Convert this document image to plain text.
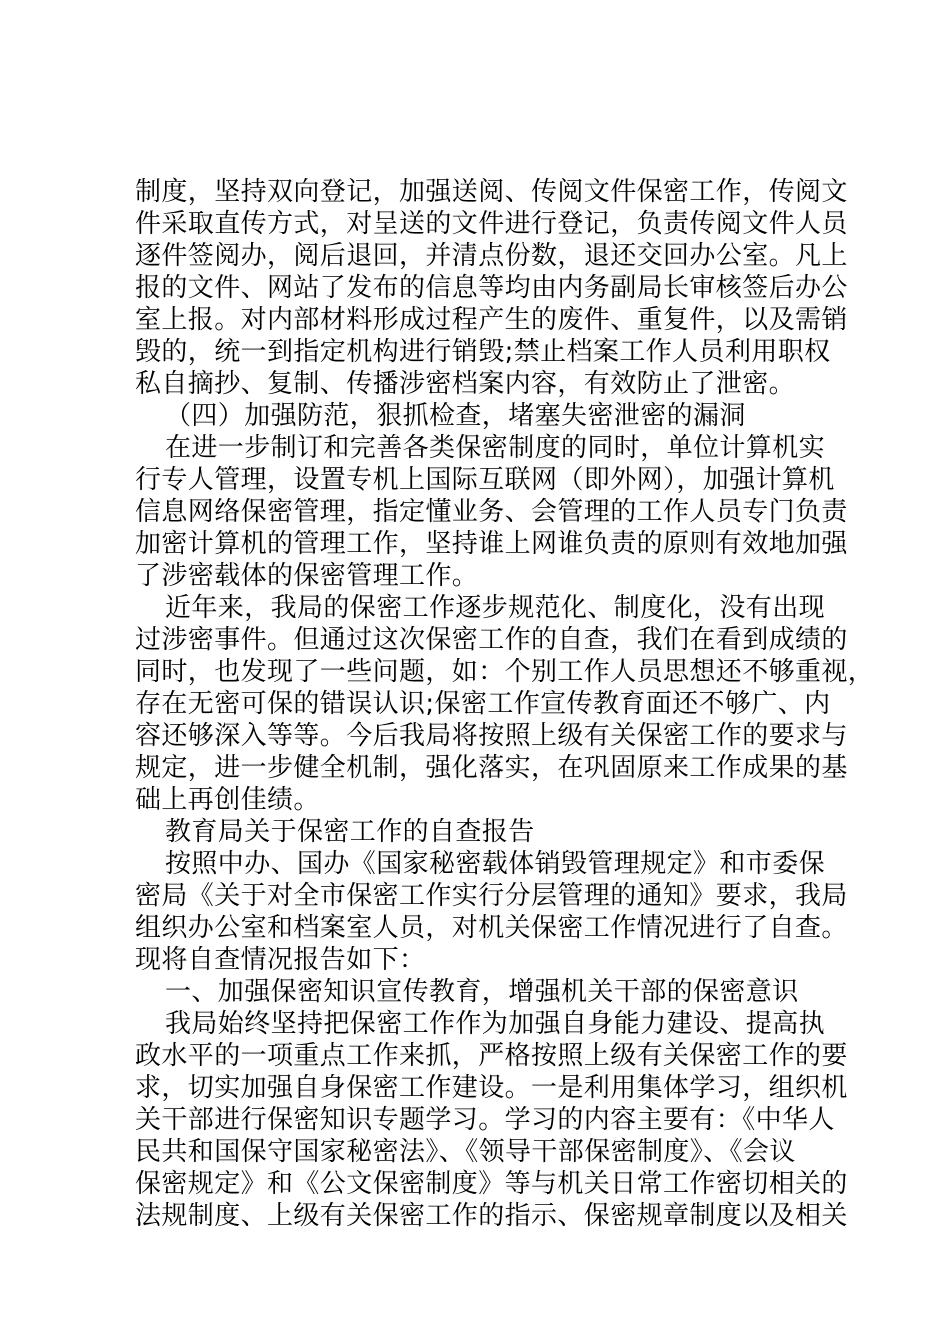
制度，坚持双向登记，加强送阅、传阅文件保密工作，传阅文
件采取直传方式，对呈送的文件进行登记，负责传阅文件人员
逐件签阅办，阅后退回，并清点份数，退还交回办公室。凡上
报的文件、网站了发布的信息等均由内务副局长审核签后办公
室上报。对内部材料形成过程产生的废件、重复件，以及需销
毁的，统一到指定机构进行销毁;禁止档案工作人员利用职权
私自摘抄、复制、传播涉密档案内容，有效防止了泄密。
（四）加强防范，狠抓检查，堵塞失密泄密的漏洞
在进一步制订和完善各类保密制度的同时，单位计算机实
行专人管理，设置专机上国际互联网（即外网），加强计算机
信息网络保密管理，指定懂业务、会管理的工作人员专门负责
加密计算机的管理工作，坚持谁上网谁负责的原则有效地加强
了涉密载体的保密管理工作。
近年来，我局的保密工作逐步规范化、制度化，没有出现
过涉密事件。但通过这次保密工作的自查，我们在看到成绩的
同时，也发现了一些问题，如：个别工作人员思想还不够重视，
存在无密可保的错误认识;保密工作宣传教育面还不够广、内
容还够深入等等。今后我局将按照上级有关保密工作的要求与
规定，进一步健全机制，强化落实，在巩固原来工作成果的基
础上再创佳绩。
教育局关于保密工作的自查报告
按照中办、国办《国家秘密载体销毁管理规定》和市委保
密局《关于对全市保密工作实行分层管理的通知》要求，我局
组织办公室和档案室人员，对机关保密工作情况进行了自查。
现将自查情况报告如下：
一、加强保密知识宣传教育，增强机关干部的保密意识
我局始终坚持把保密工作作为加强自身能力建设、提高执
政水平的一项重点工作来抓，严格按照上级有关保密工作的要
求，切实加强自身保密工作建设。一是利用集体学习，组织机
关干部进行保密知识专题学习。学习的内容主要有：《中华人
民共和国保守国家秘密法》、《领导干部保密制度》、《会议
保密规定》和《公文保密制度》等与机关日常工作密切相关的
法规制度、上级有关保密工作的指示、保密规章制度以及相关
